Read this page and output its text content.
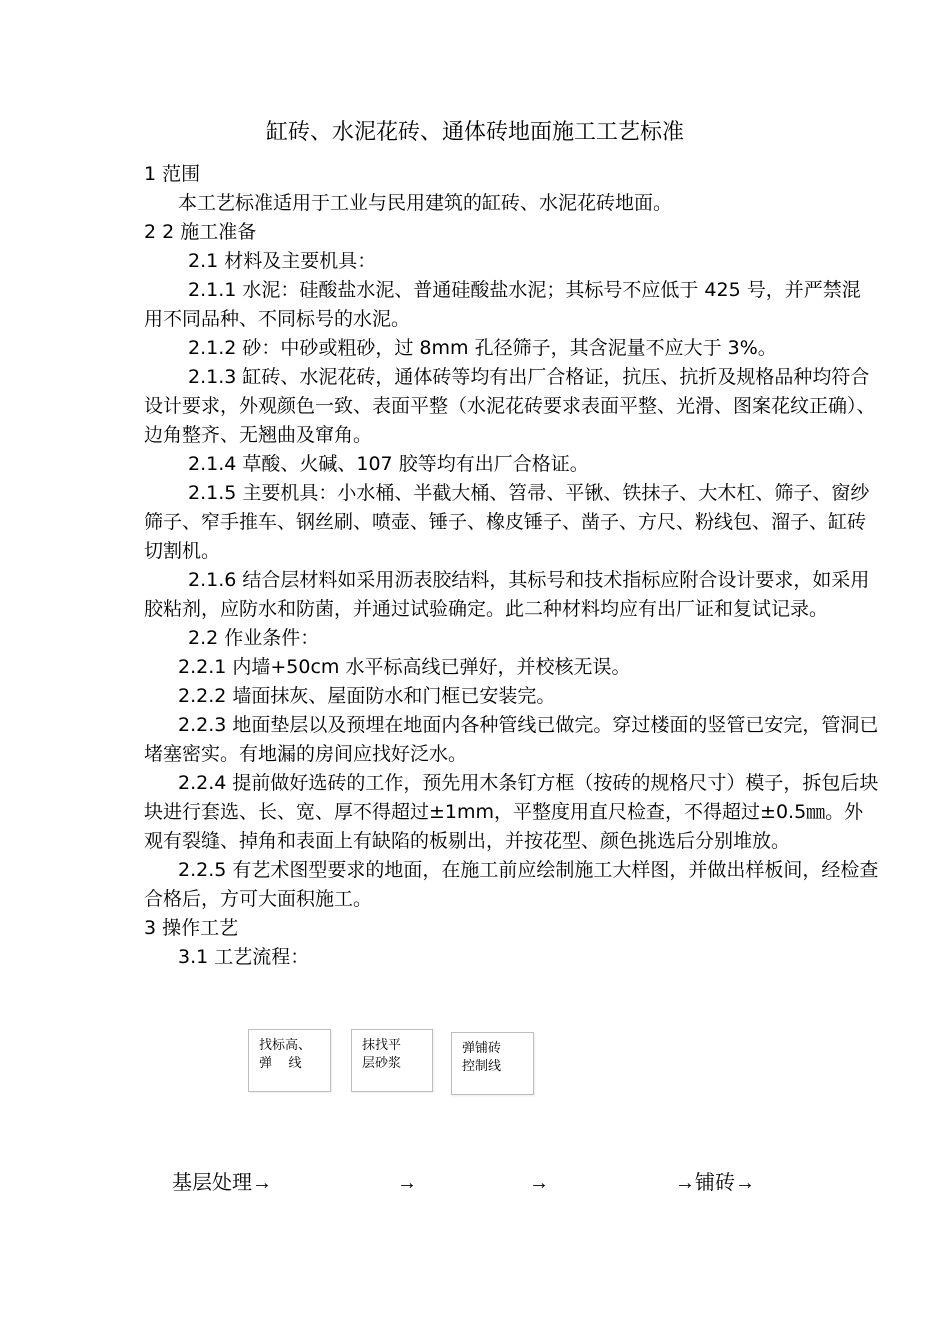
缸砖、水泥花砖、通体砖地面施工工艺标准

1 范围

本工艺标准适用于工业与民用建筑的缸砖、水泥花砖地面。

2 2 施工准备

2.1 材料及主要机具：

2.1.1 水泥：硅酸盐水泥、普通硅酸盐水泥；其标号不应低于 425 号，并严禁混用不同品种、不同标号的水泥。

2.1.2 砂：中砂或粗砂，过 8mm 孔径筛子，其含泥量不应大于 3%。

2.1.3 缸砖、水泥花砖，通体砖等均有出厂合格证，抗压、抗折及规格品种均符合设计要求，外观颜色一致、表面平整（水泥花砖要求表面平整、光滑、图案花纹正确）、边角整齐、无翘曲及窜角。

2.1.4 草酸、火碱、107 胶等均有出厂合格证。

2.1.5 主要机具：小水桶、半截大桶、笤帚、平锹、铁抹子、大木杠、筛子、窗纱筛子、窄手推车、钢丝刷、喷壶、锤子、橡皮锤子、凿子、方尺、粉线包、溜子、缸砖切割机。

2.1.6 结合层材料如采用沥表胶结料，其标号和技术指标应附合设计要求，如采用胶粘剂，应防水和防菌，并通过试验确定。此二种材料均应有出厂证和复试记录。

2.2 作业条件：

2.2.1 内墙+50cm 水平标高线已弹好，并校核无误。

2.2.2 墙面抹灰、屋面防水和门框已安装完。

2.2.3 地面垫层以及预埋在地面内各种管线已做完。穿过楼面的竖管已安完，管洞已堵塞密实。有地漏的房间应找好泛水。

2.2.4 提前做好选砖的工作，预先用木条钉方框（按砖的规格尺寸）模子，拆包后块块进行套选、长、宽、厚不得超过±1mm，平整度用直尺检查，不得超过±0.5㎜。外观有裂缝、掉角和表面上有缺陷的板剔出，并按花型、颜色挑选后分别堆放。

2.2.5 有艺术图型要求的地面，在施工前应绘制施工大样图，并做出样板间，经检查合格后，方可大面积施工。

3 操作工艺

3.1 工艺流程：

找标高、
弹    线
抹找平
层砂浆
弹铺砖
控制线
基层处理→	→	→	→铺砖→
